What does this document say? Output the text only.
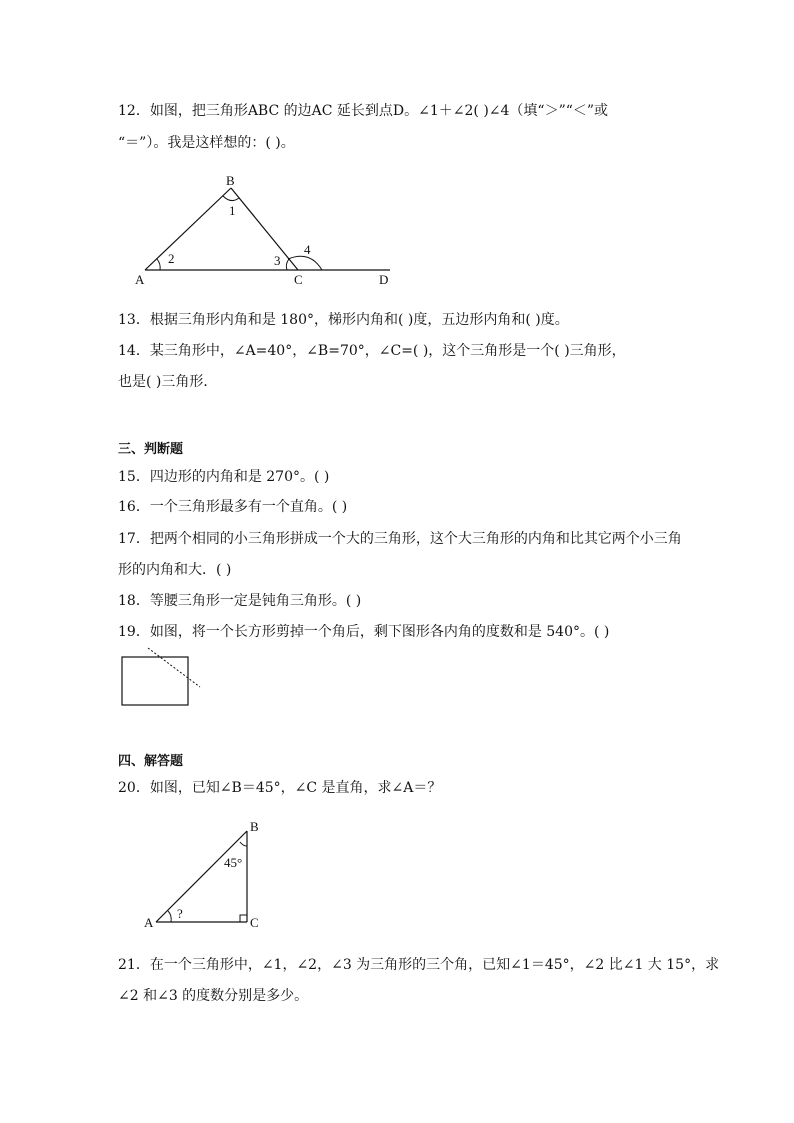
12．如图，把三角形ABC 的边AC 延长到点D。∠1＋∠2( )∠4（填“＞”“＜”或
“＝”）。我是这样想的：( )。
B
A	C	D
1
2	3
4
13．根据三角形内角和是 180°，梯形内角和( )度，五边形内角和( )度。
14．某三角形中，∠A=40°，∠B=70°，∠C=( )，这个三角形是一个( )三角形，
也是( )三角形．
三、判断题
15．四边形的内角和是 270°。( )
16．一个三角形最多有一个直角。( )
17．把两个相同的小三角形拼成一个大的三角形，这个大三角形的内角和比其它两个小三角
形的内角和大．( )
18．等腰三角形一定是钝角三角形。( )
19．如图，将一个长方形剪掉一个角后，剩下图形各内角的度数和是 540°。( )
四、解答题
20．如图，已知∠B＝45°，∠C 是直角，求∠A＝？
B
A	C
45°
?
21．在一个三角形中，∠1，∠2，∠3 为三角形的三个角，已知∠1＝45°，∠2 比∠1 大 15°，求
∠2 和∠3 的度数分别是多少。
